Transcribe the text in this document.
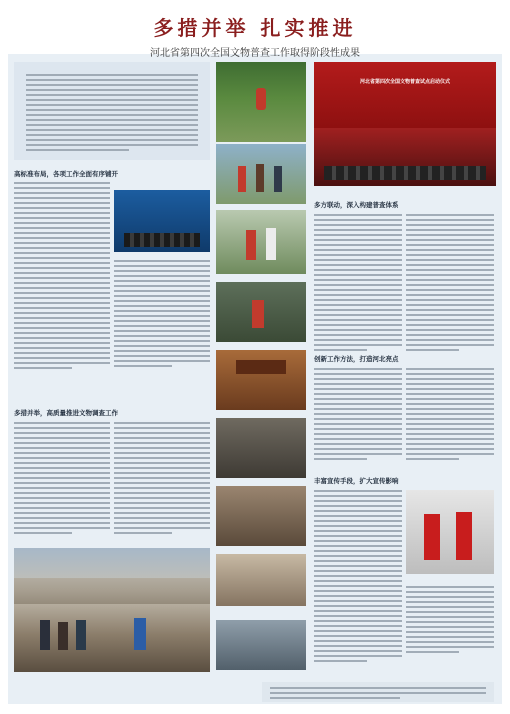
多措并举 扎实推进
河北省第四次全国文物普查工作取得阶段性成果
河北省第四次全国文物普查试点启动仪式
高标准布局，各项工作全面有序铺开
多措并举，高质量推进文物调查工作
多方联动，深入构建普查体系
创新工作方法，打造河北亮点
丰富宣传手段，扩大宣传影响
